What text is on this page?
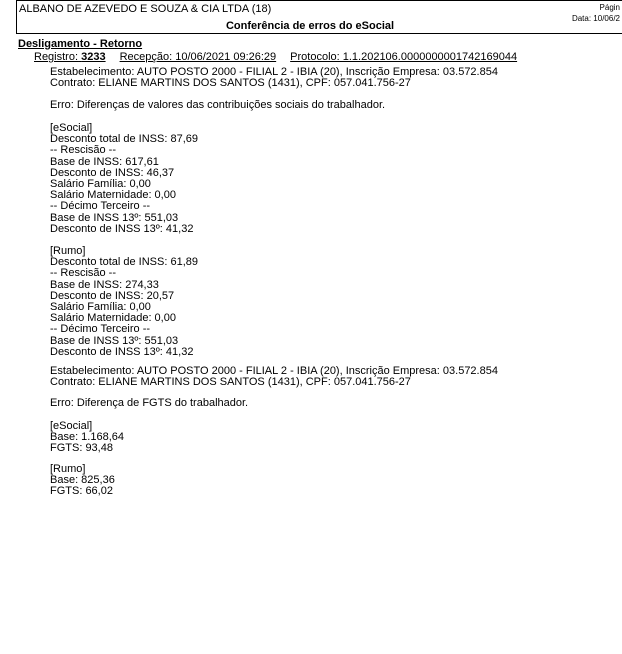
ALBANO DE AZEVEDO E SOUZA & CIA LTDA (18)	Págin
Data: 10/06/2
Conferência de erros do eSocial
Desligamento - Retorno
Registro: 3233 Recepção: 10/06/2021 09:26:29 Protocolo: 1.1.202106.0000000001742169044
Estabelecimento: AUTO POSTO 2000 - FILIAL 2 - IBIA (20), Inscrição Empresa: 03.572.854
Contrato: ELIANE MARTINS DOS SANTOS (1431), CPF: 057.041.756-27
Erro: Diferenças de valores das contribuições sociais do trabalhador.
[eSocial]
Desconto total de INSS: 87,69
-- Rescisão --
Base de INSS: 617,61
Desconto de INSS: 46,37
Salário Família: 0,00
Salário Maternidade: 0,00
-- Décimo Terceiro --
Base de INSS 13º: 551,03
Desconto de INSS 13º: 41,32
[Rumo]
Desconto total de INSS: 61,89
-- Rescisão --
Base de INSS: 274,33
Desconto de INSS: 20,57
Salário Família: 0,00
Salário Maternidade: 0,00
-- Décimo Terceiro --
Base de INSS 13º: 551,03
Desconto de INSS 13º: 41,32
Estabelecimento: AUTO POSTO 2000 - FILIAL 2 - IBIA (20), Inscrição Empresa: 03.572.854
Contrato: ELIANE MARTINS DOS SANTOS (1431), CPF: 057.041.756-27
Erro: Diferença de FGTS do trabalhador.
[eSocial]
Base: 1.168,64
FGTS: 93,48
[Rumo]
Base: 825,36
FGTS: 66,02
